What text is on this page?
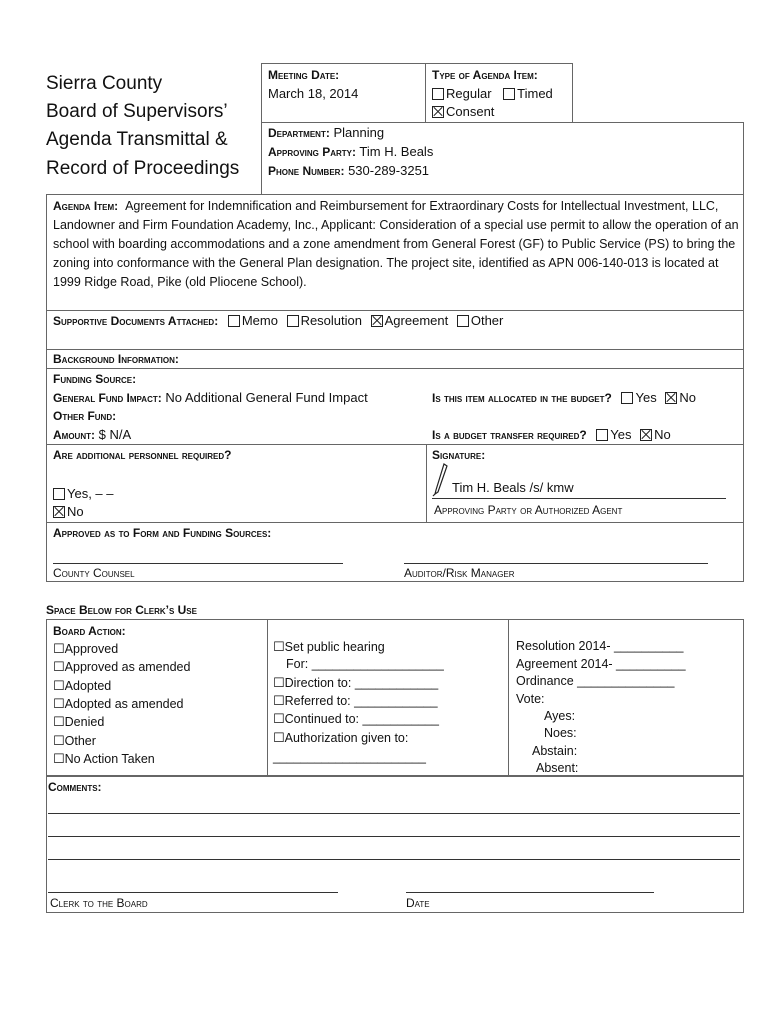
Sierra County
Board of Supervisors’
Agenda Transmittal &
Record of Proceedings
Meeting Date:
March 18, 2014
Type of Agenda Item:
Regular Timed
Consent
Department: Planning
Approving Party: Tim H. Beals
Phone Number: 530-289-3251
Agenda Item: Agreement for Indemnification and Reimbursement for Extraordinary Costs for Intellectual Investment, LLC, Landowner and Firm Foundation Academy, Inc., Applicant: Consideration of a special use permit to allow the operation of an school with boarding accommodations and a zone amendment from General Forest (GF) to Public Service (PS) to bring the zoning into conformance with the General Plan designation. The project site, identified as APN 006-140-013 is located at 1999 Ridge Road, Pike (old Pliocene School).
Supportive Documents Attached: Memo Resolution Agreement Other
Background Information:
Funding Source:
General Fund Impact: No Additional General Fund Impact
Other Fund:
Amount: $ N/A
Is this item allocated in the budget? Yes No
Is a budget transfer required? Yes No
Are additional personnel required?
Yes, – –
No
Signature:
Tim H. Beals /s/ kmw
Approving Party or Authorized Agent
Approved as to Form and Funding Sources:
County Counsel	Auditor/Risk Manager
Space Below for Clerk’s Use
Board Action:
☐Approved
☐Approved as amended
☐Adopted
☐Adopted as amended
☐Denied
☐Other
☐No Action Taken
☐Set public hearing
For: ___________________
☐Direction to: ____________
☐Referred to: ____________
☐Continued to: ___________
☐Authorization given to:
______________________
Resolution 2014- __________
Agreement 2014- __________
Ordinance ______________
Vote:
Ayes:
Noes:
Abstain:
Absent:
Comments:
Clerk to the Board	Date
